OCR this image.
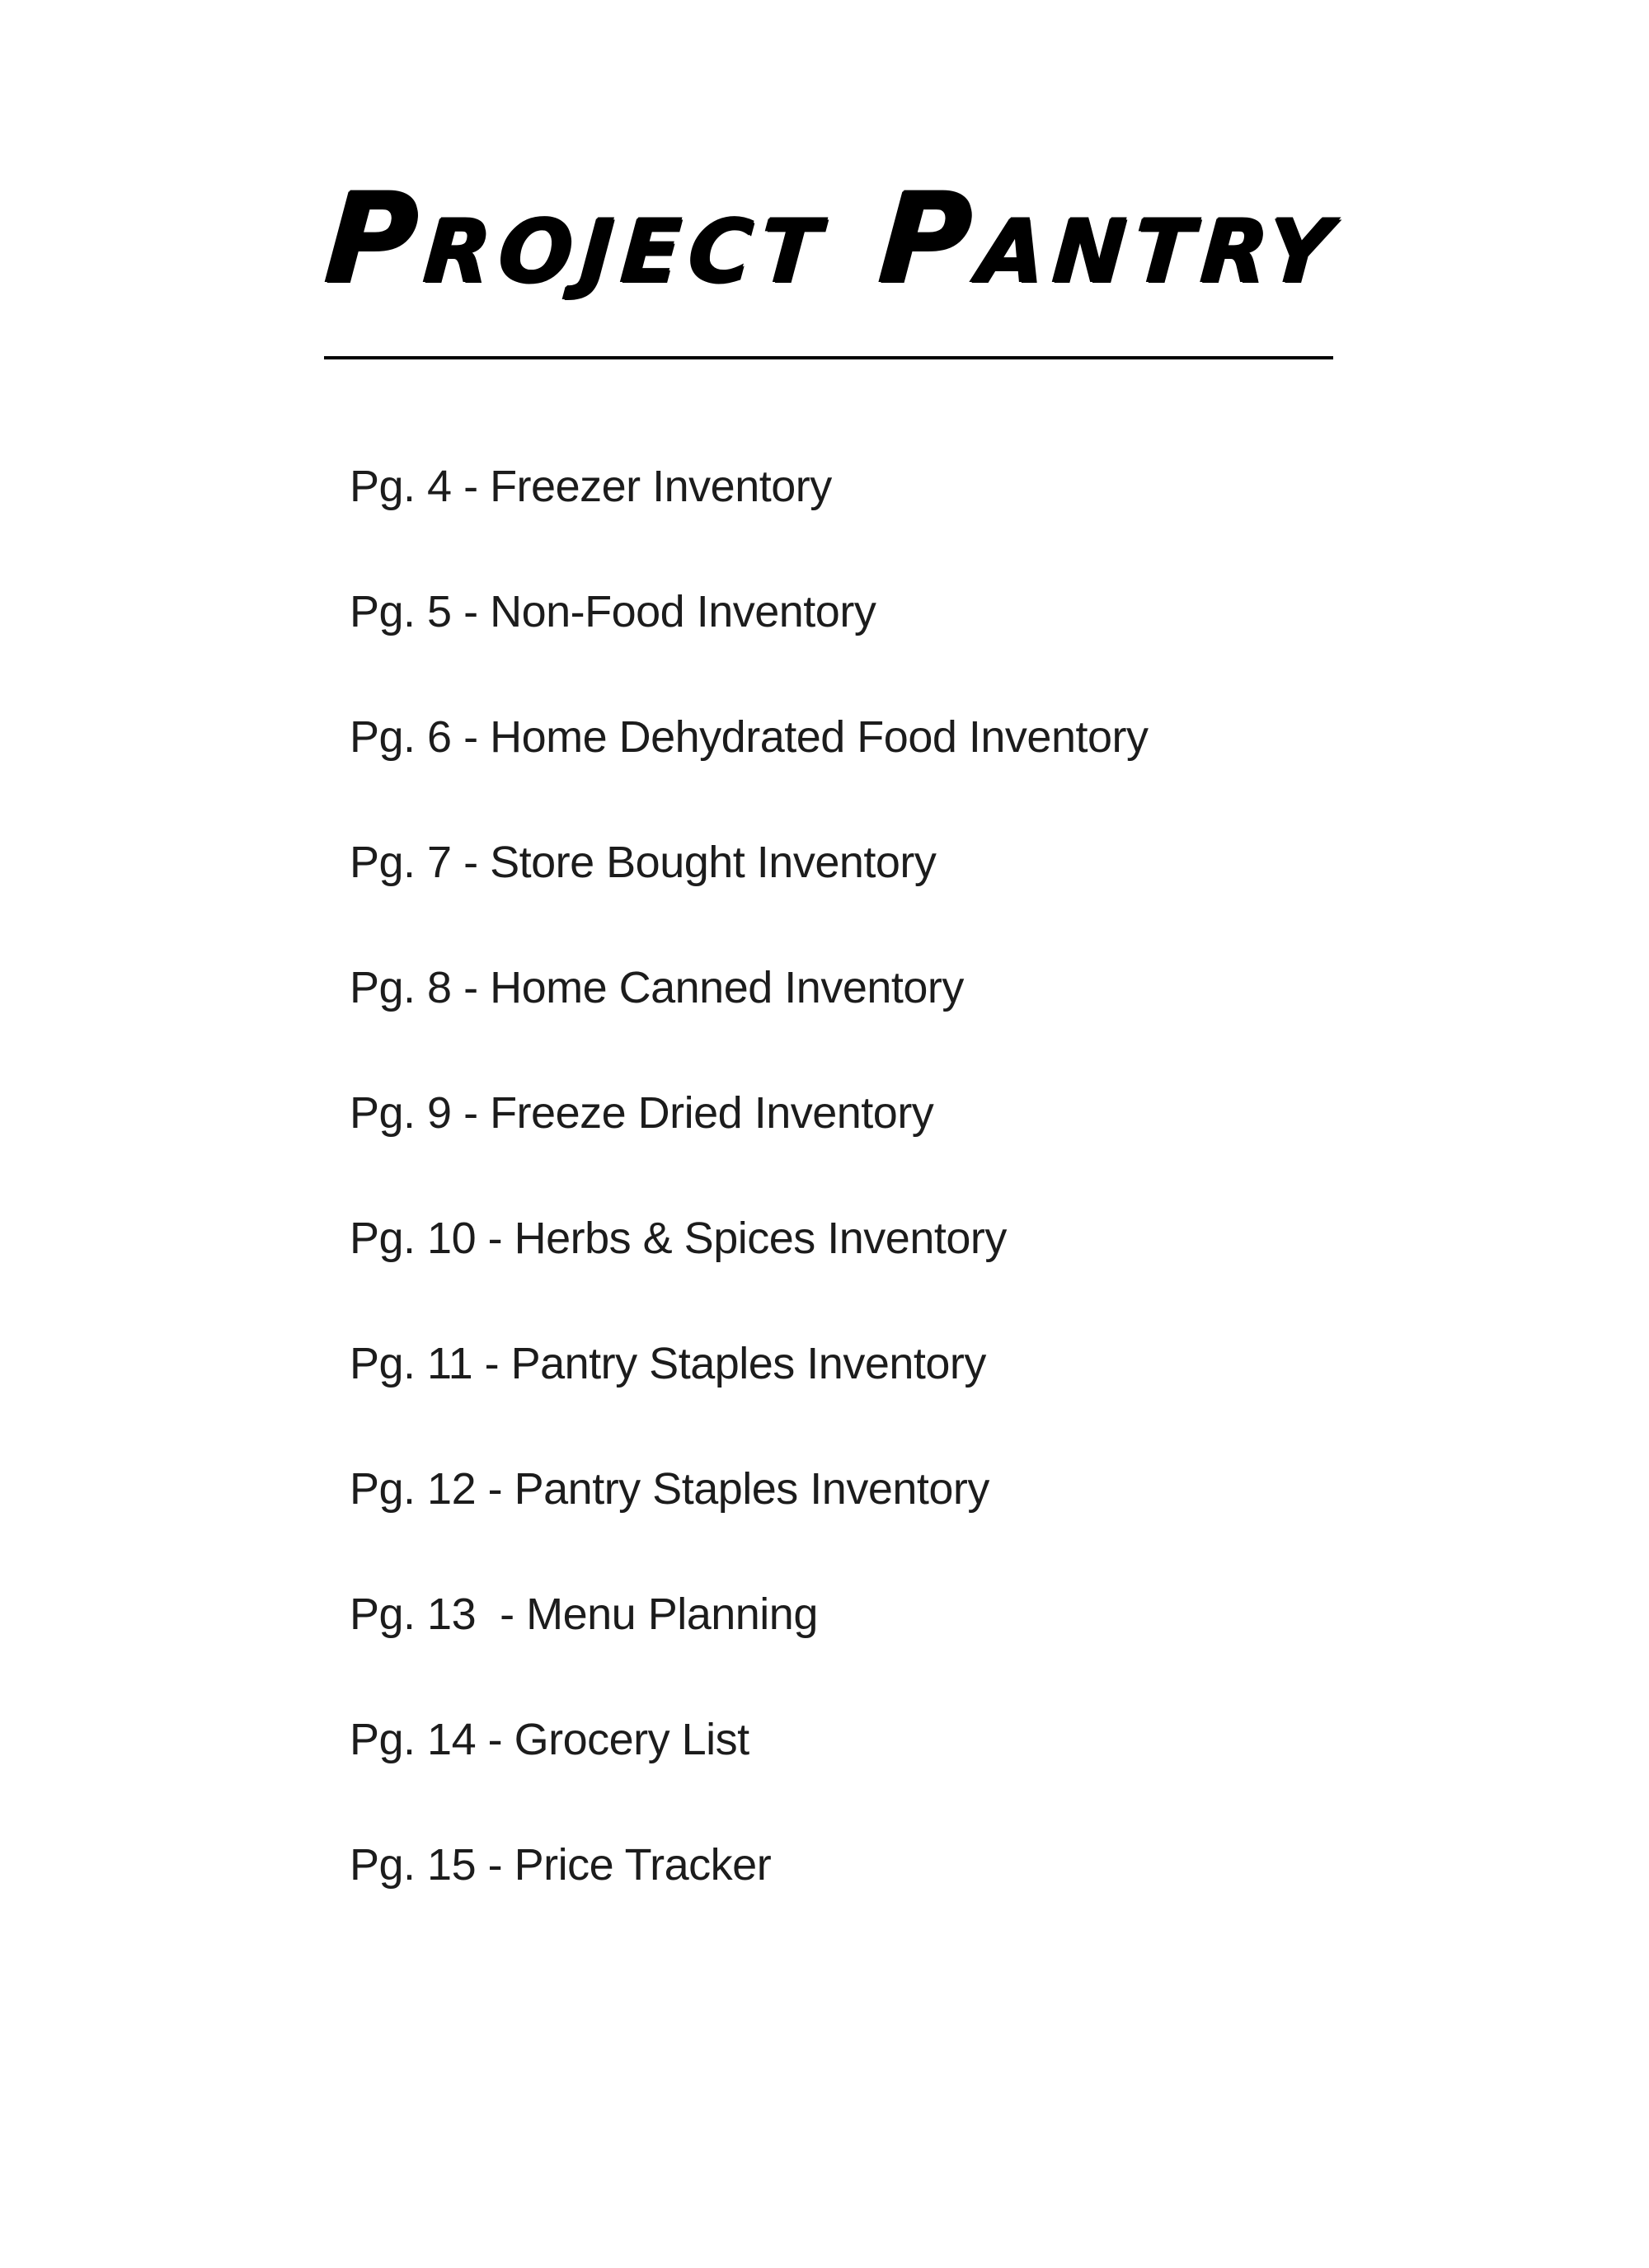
Project Pantry
Pg. 4 - Freezer Inventory
Pg. 5 - Non-Food Inventory
Pg. 6 - Home Dehydrated Food Inventory
Pg. 7 - Store Bought Inventory
Pg. 8 - Home Canned Inventory
Pg. 9 - Freeze Dried Inventory
Pg. 10 - Herbs & Spices Inventory
Pg. 11 - Pantry Staples Inventory
Pg. 12 - Pantry Staples Inventory
Pg. 13  - Menu Planning
Pg. 14 - Grocery List
Pg. 15 - Price Tracker
